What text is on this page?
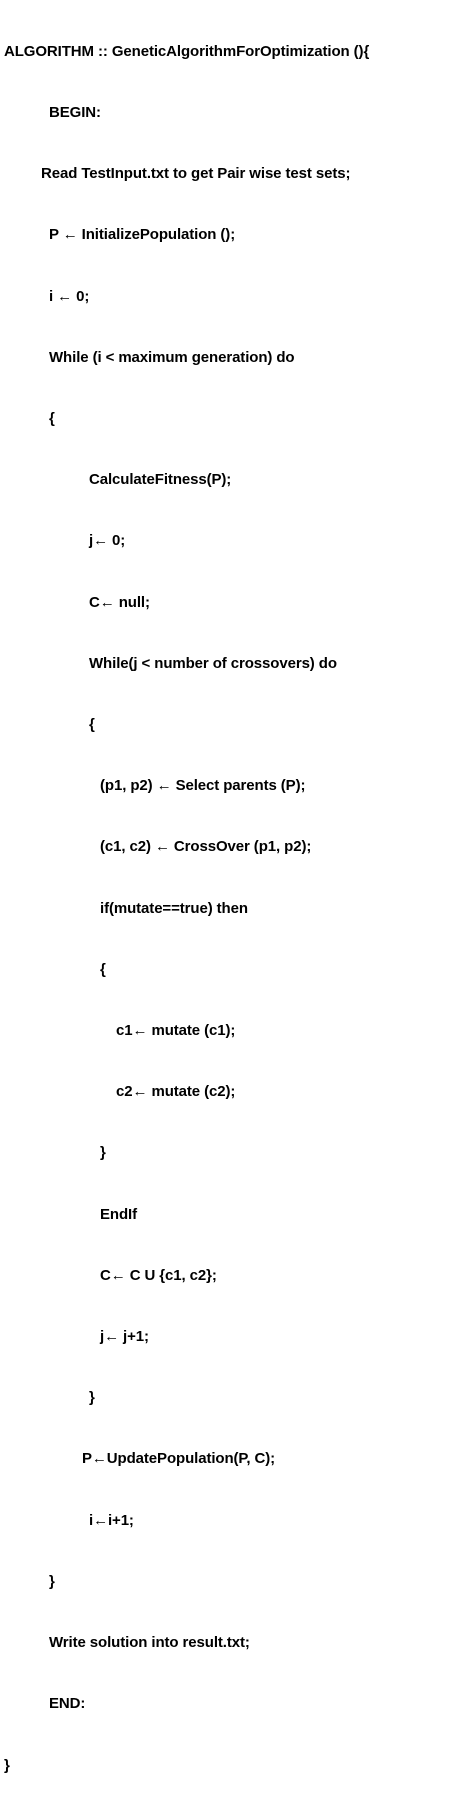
ALGORITHM :: GeneticAlgorithmForOptimization (){

BEGIN:

Read TestInput.txt to get Pair wise test sets;

P ← InitializePopulation ();

i ← 0;

While (i < maximum generation) do

{

CalculateFitness(P);

j← 0;

C← null;

While(j < number of crossovers) do

{

(p1, p2) ← Select parents (P);

(c1, c2) ← CrossOver (p1, p2);

if(mutate==true) then

{

c1← mutate (c1);

c2← mutate (c2);

}

EndIf

C← C U {c1, c2};

j← j+1;

}

P←UpdatePopulation(P, C);

i←i+1;

}

Write solution into result.txt;

END:

}
